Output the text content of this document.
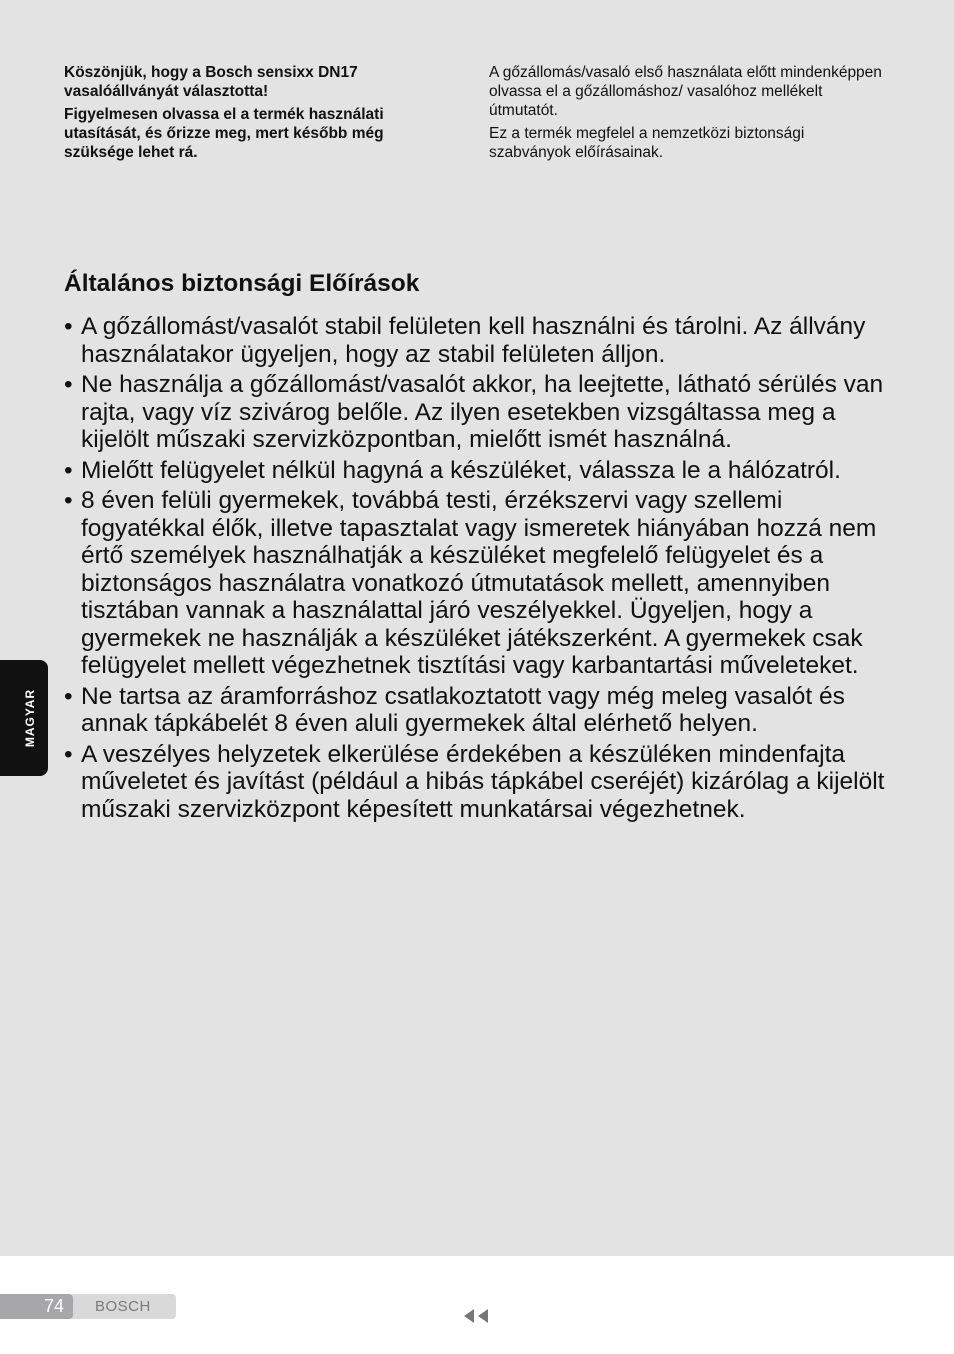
Köszönjük, hogy a Bosch sensixx DN17 vasalóállványát választotta!

Figyelmesen olvassa el a termék használati utasítását, és őrizze meg, mert később még szüksége lehet rá.

A gőzállomás/vasaló első használata előtt mindenképpen olvassa el a gőzállomáshoz/ vasalóhoz mellékelt útmutatót.

Ez a termék megfelel a nemzetközi biztonsági szabványok előírásainak.

Általános biztonsági Előírások
• A gőzállomást/vasalót stabil felületen kell használni és tárolni. Az állvány használatakor ügyeljen, hogy az stabil felületen álljon.
• Ne használja a gőzállomást/vasalót akkor, ha leejtette, látható sérülés van rajta, vagy víz szivárog belőle. Az ilyen esetekben vizsgáltassa meg a kijelölt műszaki szervizközpontban, mielőtt ismét használná.
• Mielőtt felügyelet nélkül hagyná a készüléket, válassza le a hálózatról.
• 8 éven felüli gyermekek, továbbá testi, érzékszervi vagy szellemi fogyatékkal élők, illetve tapasztalat vagy ismeretek hiányában hozzá nem értő személyek használhatják a készüléket megfelelő felügyelet és a biztonságos használatra vonatkozó útmutatások mellett, amennyiben tisztában vannak a használattal járó veszélyekkel. Ügyeljen, hogy a gyermekek ne használják a készüléket játékszerként. A gyermekek csak felügyelet mellett végezhetnek tisztítási vagy karbantartási műveleteket.
• Ne tartsa az áramforráshoz csatlakoztatott vagy még meleg vasalót és annak tápkábelét 8 éven aluli gyermekek által elérhető helyen.
• A veszélyes helyzetek elkerülése érdekében a készüléken mindenfajta műveletet és javítást (például a hibás tápkábel cseréjét) kizárólag a kijelölt műszaki szervizközpont képesített munkatársai végezhetnek.
MAGYAR
74 BOSCH
